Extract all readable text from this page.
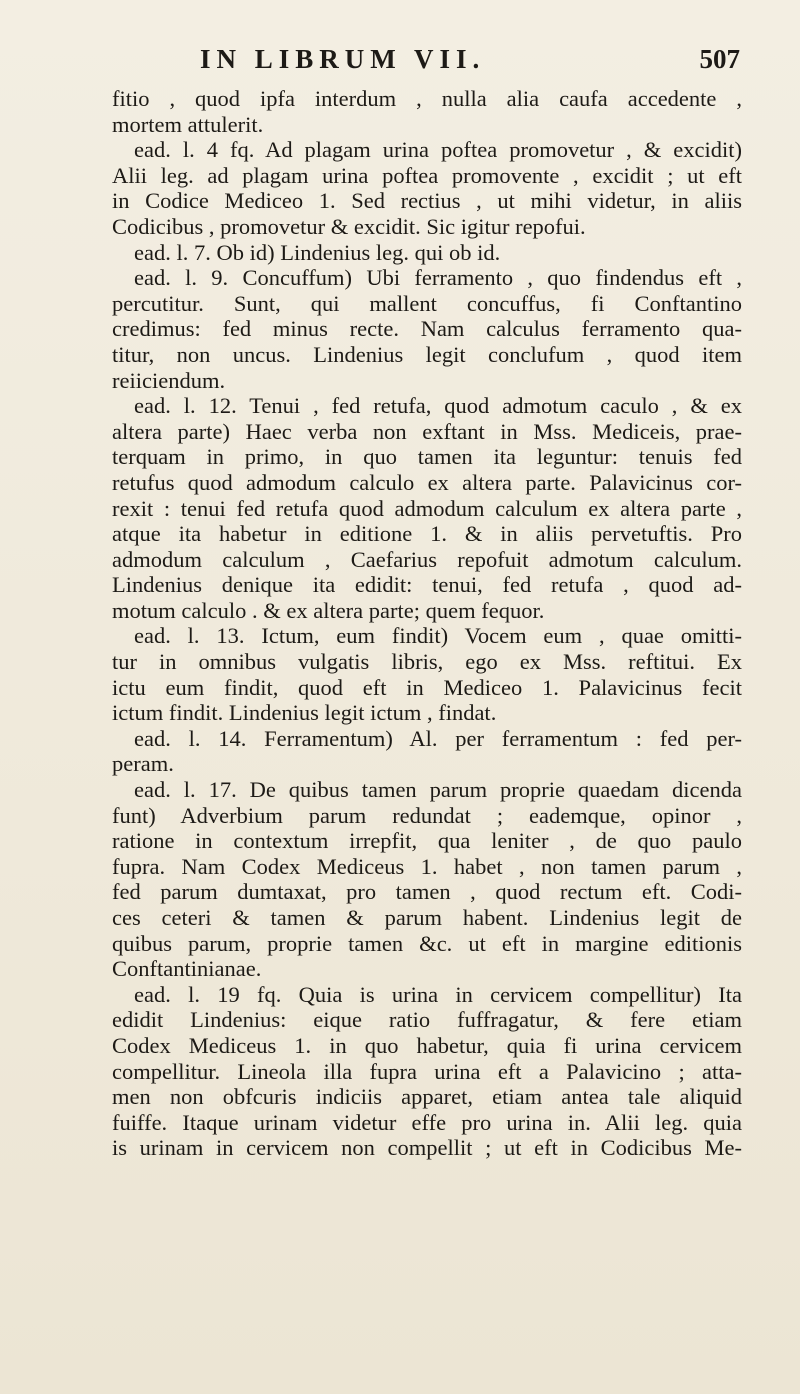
IN LIBRUM VII.	507
fitio , quod ipfa interdum , nulla alia caufa accedente ,
mortem attulerit.
ead. l. 4 fq. Ad plagam urina poftea promovetur , & excidit)
Alii leg. ad plagam urina poftea promovente , excidit ; ut eft
in Codice Mediceo 1. Sed rectius , ut mihi videtur, in aliis
Codicibus , promovetur & excidit. Sic igitur repofui.
ead. l. 7. Ob id) Lindenius leg. qui ob id.
ead. l. 9. Concuffum) Ubi ferramento , quo findendus eft ,
percutitur. Sunt, qui mallent concuffus, fi Conftantino
credimus: fed minus recte. Nam calculus ferramento qua-
titur, non uncus. Lindenius legit conclufum , quod item
reiiciendum.
ead. l. 12. Tenui , fed retufa, quod admotum caculo , & ex
altera parte) Haec verba non exftant in Mss. Mediceis, prae-
terquam in primo, in quo tamen ita leguntur: tenuis fed
retufus quod admodum calculo ex altera parte. Palavicinus cor-
rexit : tenui fed retufa quod admodum calculum ex altera parte ,
atque ita habetur in editione 1. & in aliis pervetuftis. Pro
admodum calculum , Caefarius repofuit admotum calculum.
Lindenius denique ita edidit: tenui, fed retufa , quod ad-
motum calculo . & ex altera parte; quem fequor.
ead. l. 13. Ictum, eum findit) Vocem eum , quae omitti-
tur in omnibus vulgatis libris, ego ex Mss. reftitui. Ex
ictu eum findit, quod eft in Mediceo 1. Palavicinus fecit
ictum findit. Lindenius legit ictum , findat.
ead. l. 14. Ferramentum) Al. per ferramentum : fed per-
peram.
ead. l. 17. De quibus tamen parum proprie quaedam dicenda
funt) Adverbium parum redundat ; eademque, opinor ,
ratione in contextum irrepfit, qua leniter , de quo paulo
fupra. Nam Codex Mediceus 1. habet , non tamen parum ,
fed parum dumtaxat, pro tamen , quod rectum eft. Codi-
ces ceteri & tamen & parum habent. Lindenius legit de
quibus parum, proprie tamen &c. ut eft in margine editionis
Conftantinianae.
ead. l. 19 fq. Quia is urina in cervicem compellitur) Ita
edidit Lindenius: eique ratio fuffragatur, & fere etiam
Codex Mediceus 1. in quo habetur, quia fi urina cervicem
compellitur. Lineola illa fupra urina eft a Palavicino ; atta-
men non obfcuris indiciis apparet, etiam antea tale aliquid
fuiffe. Itaque urinam videtur effe pro urina in. Alii leg. quia
is urinam in cervicem non compellit ; ut eft in Codicibus Me-
